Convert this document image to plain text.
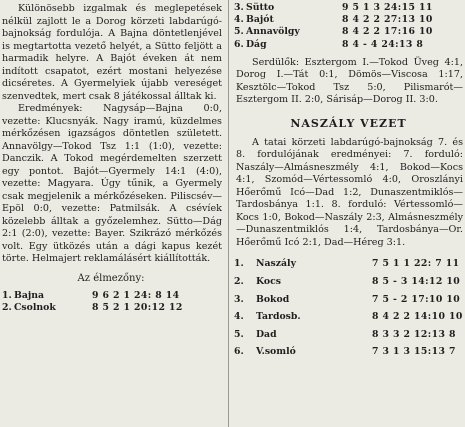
Különösebb izgalmak és meglepetések nélkül zajlott le a Dorog körzeti labdarúgó-bajnokság fordulója. A Bajna döntetlenjével is megtartotta vezető helyét, a Sütto feljött a harmadik helyre. A Bajót éveken át nem indított csapatot, ezért mostani helyezése dicséretes. A Gyermelyiek újabb vereséget szenvedtek, mert csak 8 játékossal álltak ki.

Eredmények: Nagysáp—Bajna 0:0, vezette: Klucsnyák. Nagy iramú, küzdelmes mérkőzésen igazságos döntetlen született. Annavölgy—Tokod Tsz 1:1 (1:0), vezette: Danczik. A Tokod megérdemelten szerzett egy pontot. Bajót—Gyermely 14:1 (4:0), vezette: Magyara. Úgy tűnik, a Gyermely csak megjelenik a mérkőzéseken. Piliscsév—Epöl 0:0, vezette: Patmilsák. A csévíek közelebb álltak a győzelemhez. Sütto—Dág 2:1 (2:0), vezette: Bayer. Szikrázó mérkőzés volt. Egy ütközés után a dági kapus kezét törte. Helmajert reklamálásért kiállították.

Az élmezőny:

1. Bajna	9 6 2 1 24: 8 14
2. Csolnok	8 5 2 1 20:12 12
3. Sütto	9 5 1 3 24:15 11
4. Bajót	8 4 2 2 27:13 10
5. Annavölgy	8 4 2 2 17:16 10
6. Dág	8 4 - 4 24:13 8

Serdülők: Esztergom I.—Tokod Üveg 4:1, Dorog I.—Tát 0:1, Dömös—Viscosa 1:17, Kesztölc—Tokod Tsz 5:0, Pilismarót—Esztergom II. 2:0, Sárisáp—Dorog II. 3:0.

NASZÁLY VEZET

A tatai körzeti labdarúgó-bajnokság 7. és 8. fordulójának eredményei: 7. forduló: Naszály—Almásneszmély 4:1, Bokod—Kocs 4:1, Szomód—Vértessomló 4:0, Oroszlányi Hőerőmű Icó—Dad 1:2, Dunaszentmiklós—Tardosbánya 1:1. 8. forduló: Vértessomló—Kocs 1:0, Bokod—Naszály 2:3, Almásneszmély—Dunaszentmiklós 1:4, Tardosbánya—Or. Hőerőmű Icó 2:1, Dad—Héreg 3:1.

1.	Naszály	7 5 1 1 22: 7 11
2.	Kocs	8 5 - 3 14:12 10
3.	Bokod	7 5 - 2 17:10 10
4.	Tardosb.	8 4 2 2 14:10 10
5.	Dad	8 3 3 2 12:13 8
6.	V.somló	7 3 1 3 15:13 7
